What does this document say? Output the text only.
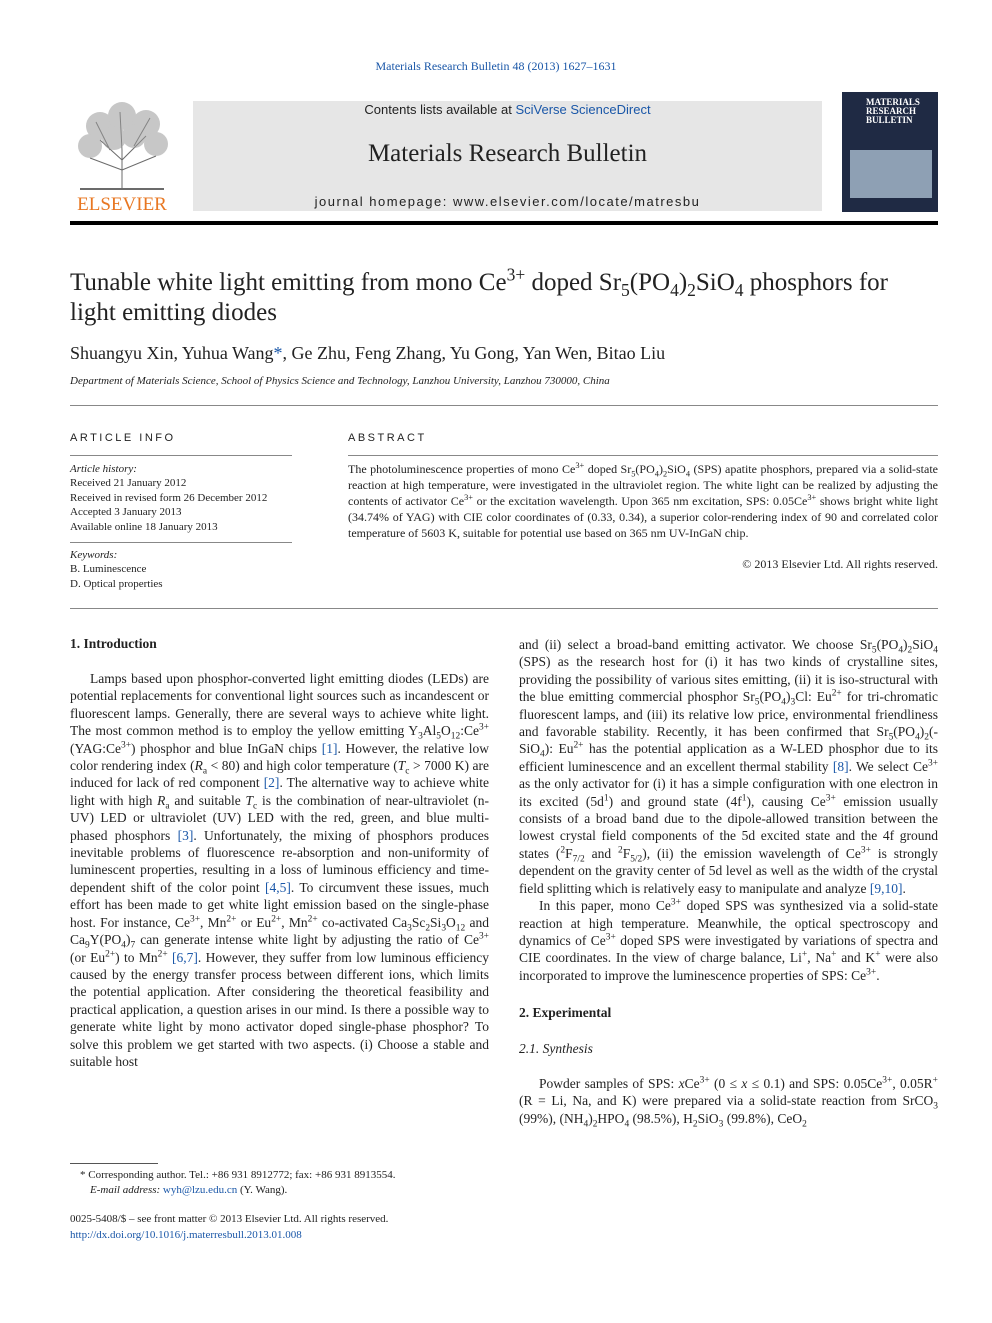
Materials Research Bulletin 48 (2013) 1627–1631
ELSEVIER
Contents lists available at SciVerse ScienceDirect
Materials Research Bulletin
journal homepage: www.elsevier.com/locate/matresbu
MATERIALS
RESEARCH
BULLETIN
Tunable white light emitting from mono $Ce^{3+}$ doped $Sr_5(PO_4)_2SiO_4$ phosphors for
light emitting diodes
Shuangyu Xin, Yuhua Wang*, Ge Zhu, Feng Zhang, Yu Gong, Yan Wen, Bitao Liu
Department of Materials Science, School of Physics Science and Technology, Lanzhou University, Lanzhou 730000, China
ARTICLE INFO	ABSTRACT
Article history:
Received 21 January 2012
Received in revised form 26 December 2012
Accepted 3 January 2013
Available online 18 January 2013
Keywords:
B. Luminescence
D. Optical properties
The photoluminescence properties of mono $Ce^{3+}$ doped $Sr_5(PO_4)_2SiO_4$ (SPS) apatite phosphors, prepared via a solid-state reaction at high temperature, were investigated in the ultraviolet region. The white light can be realized by adjusting the contents of activator $Ce^{3+}$ or the excitation wavelength. Upon 365 nm excitation, SPS: $0.05Ce^{3+}$ shows bright white light (34.74% of YAG) with CIE color coordinates of (0.33, 0.34), a superior color-rendering index of 90 and correlated color temperature of 5603 K, suitable for potential use based on 365 nm UV-InGaN chip.
© 2013 Elsevier Ltd. All rights reserved.
1. Introduction

Lamps based upon phosphor-converted light emitting diodes (LEDs) are potential replacements for conventional light sources such as incandescent or fluorescent lamps. Generally, there are several ways to achieve white light. The most common method is to employ the yellow emitting $Y_3Al_5O_{12}:Ce^{3+}$ $(YAG:Ce^{3+})$ phosphor and blue InGaN chips [1]. However, the relative low color rendering index $(R_a < 80)$ and high color temperature ($T_c > 7000$ K) are induced for lack of red component [2]. The alternative way to achieve white light with high $R_a$ and suitable $T_c$ is the combination of near-ultraviolet (n-UV) LED or ultraviolet (UV) LED with the red, green, and blue multi-phased phosphors [3]. Unfortunately, the mixing of phosphors produces inevitable problems of fluorescence re-absorption and non-uniformity of luminescent properties, resulting in a loss of luminous efficiency and time-dependent shift of the color point [4,5]. To circumvent these issues, much effort has been made to get white light emission based on the single-phase host. For instance, $Ce^{3+}$, $Mn^{2+}$ or $Eu^{2+}$, $Mn^{2+}$ co-activated $Ca_3Sc_2Si_3O_{12}$ and $Ca_9Y(PO_4)_7$ can generate intense white light by adjusting the ratio of $Ce^{3+}$ (or $Eu^{2+}$) to $Mn^{2+}$ [6,7]. However, they suffer from low luminous efficiency caused by the energy transfer process between different ions, which limits the potential application. After considering the theoretical feasibility and practical application, a question arises in our mind. Is there a possible way to generate white light by mono activator doped single-phase phosphor? To solve this problem we get started with two aspects. (i) Choose a stable and suitable host

and (ii) select a broad-band emitting activator. We choose $Sr_5(PO_4)_2SiO_4$ (SPS) as the research host for (i) it has two kinds of crystalline sites, providing the possibility of various sites emitting, (ii) it is iso-structural with the blue emitting commercial phosphor $Sr_5(PO_4)_3Cl$: $Eu^{2+}$ for tri-chromatic fluorescent lamps, and (iii) its relative low price, environmental friendliness and favorable stability. Recently, it has been confirmed that $Sr_5(PO_4)_2(-SiO_4)$: $Eu^{2+}$ has the potential application as a W-LED phosphor due to its efficient luminescence and an excellent thermal stability [8]. We select $Ce^{3+}$ as the only activator for (i) it has a simple configuration with one electron in its excited $(5d^1)$ and ground state $(4f^1)$, causing $Ce^{3+}$ emission usually consists of a broad band due to the dipole-allowed transition between the lowest crystal field components of the 5d excited state and the 4f ground states ($^2F_{7/2}$ and $^2F_{5/2}$), (ii) the emission wavelength of $Ce^{3+}$ is strongly dependent on the gravity center of 5d level as well as the width of the crystal field splitting which is relatively easy to manipulate and analyze [9,10].

In this paper, mono $Ce^{3+}$ doped SPS was synthesized via a solid-state reaction at high temperature. Meanwhile, the optical spectroscopy and dynamics of $Ce^{3+}$ doped SPS were investigated by variations of spectra and CIE coordinates. In the view of charge balance, Li+, Na+ and K+ were also incorporated to improve the luminescence properties of SPS: $Ce^{3+}$.

2. Experimental

2.1. Synthesis

Powder samples of SPS: xCe$^{3+}$ (0 ≤ x ≤ 0.1) and SPS: $0.05Ce^{3+}$, 0.05R+ (R = Li, Na, and K) were prepared via a solid-state reaction from SrCO$_3$ (99%), $(NH_4)_2HPO_4$ (98.5%), $H_2SiO_3$ (99.8%), CeO$_2$

* Corresponding author. Tel.: +86 931 8912772; fax: +86 931 8913554.
E-mail address: wyh@lzu.edu.cn (Y. Wang).
0025-5408/$ – see front matter © 2013 Elsevier Ltd. All rights reserved.
http://dx.doi.org/10.1016/j.materresbull.2013.01.008
